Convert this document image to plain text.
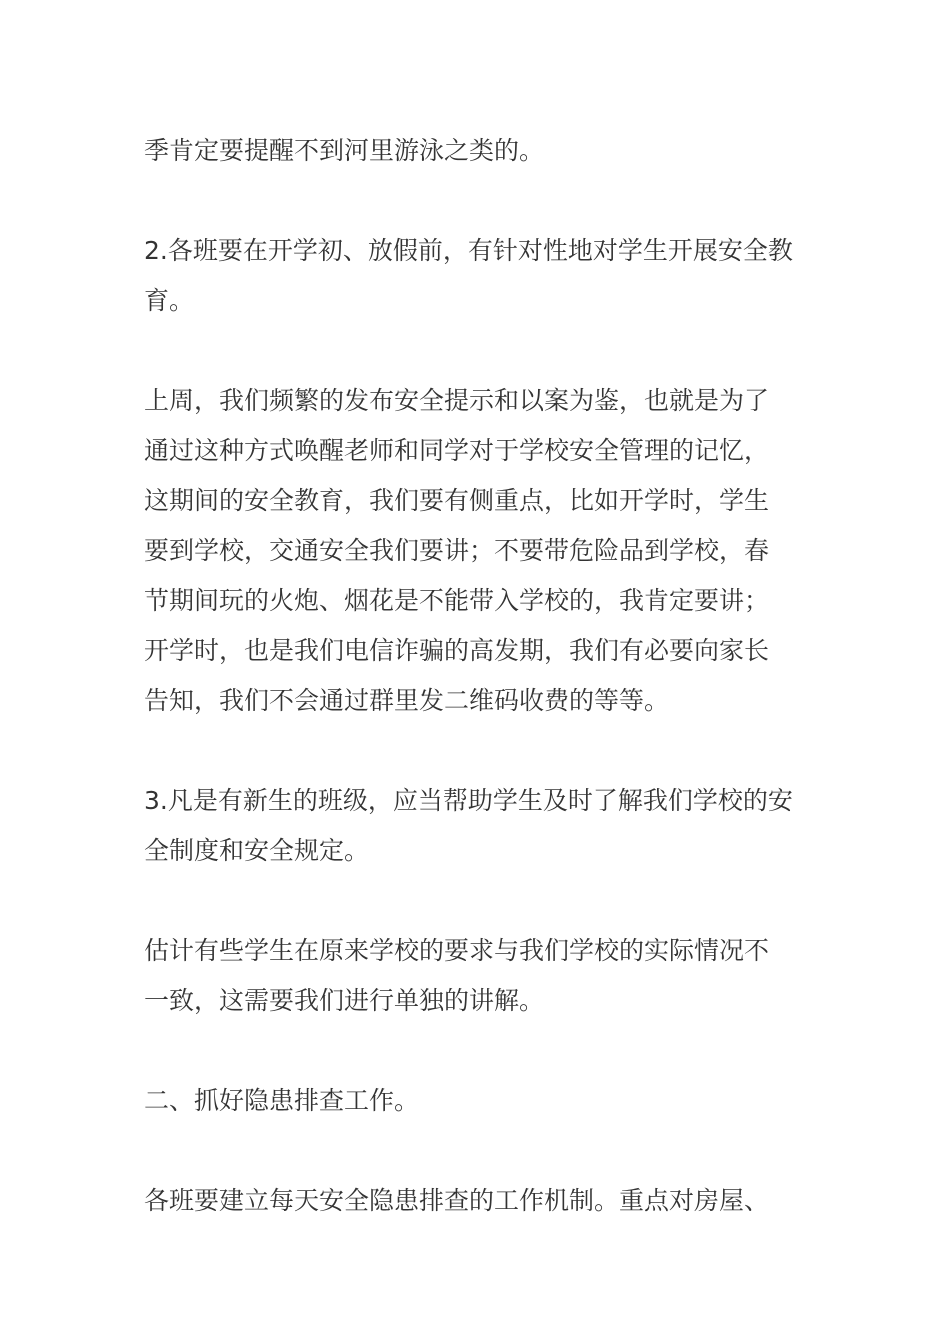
季肯定要提醒不到河里游泳之类的。

2.各班要在开学初、放假前，有针对性地对学生开展安全教
育。

上周，我们频繁的发布安全提示和以案为鉴，也就是为了
通过这种方式唤醒老师和同学对于学校安全管理的记忆，
这期间的安全教育，我们要有侧重点，比如开学时，学生
要到学校，交通安全我们要讲；不要带危险品到学校，春
节期间玩的火炮、烟花是不能带入学校的，我肯定要讲；
开学时，也是我们电信诈骗的高发期，我们有必要向家长
告知，我们不会通过群里发二维码收费的等等。

3.凡是有新生的班级，应当帮助学生及时了解我们学校的安
全制度和安全规定。

估计有些学生在原来学校的要求与我们学校的实际情况不
一致，这需要我们进行单独的讲解。

二、抓好隐患排查工作。

各班要建立每天安全隐患排查的工作机制。重点对房屋、
